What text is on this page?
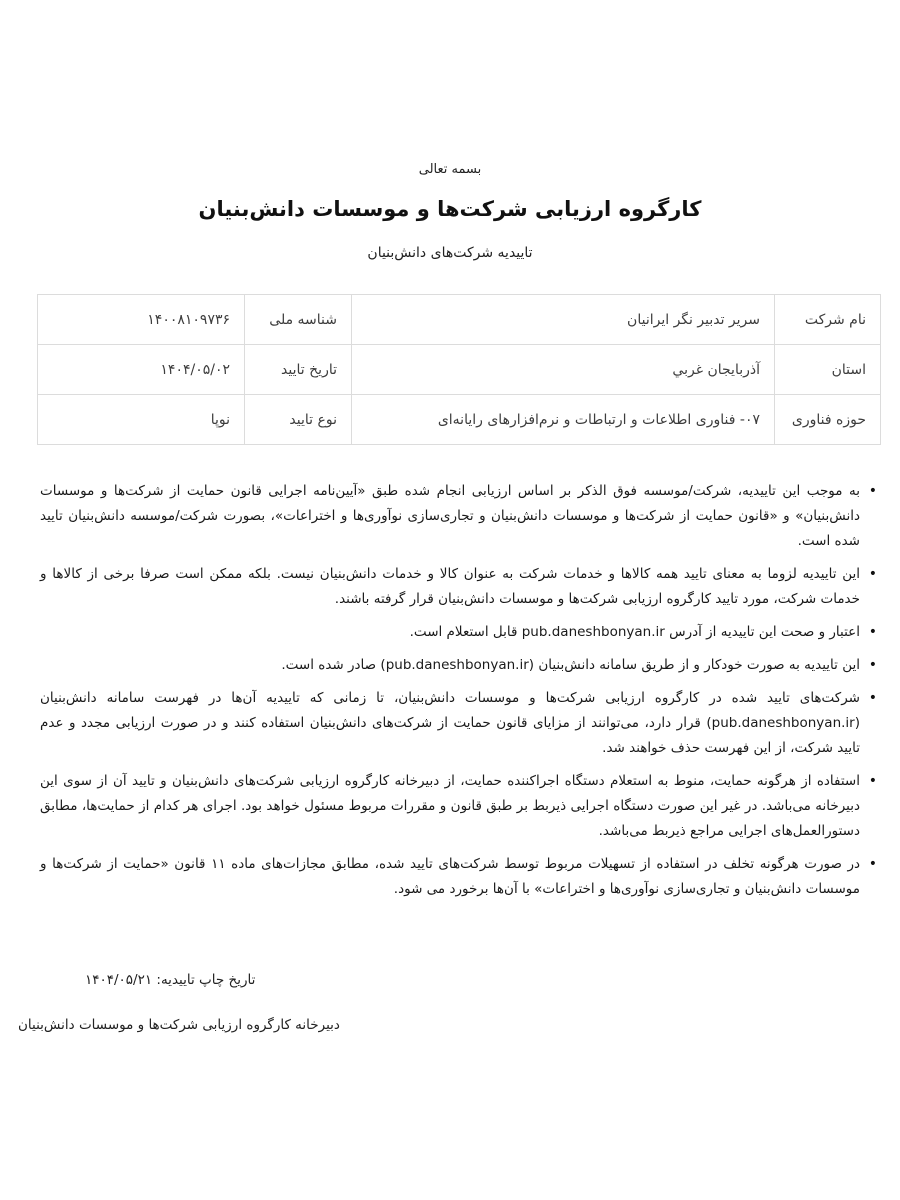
بسمه تعالی
کارگروه ارزیابی شرکت‌ها و موسسات دانش‌بنیان
تاییدیه شرکت‌های دانش‌بنیان
نام شرکت	سریر تدبیر نگر ایرانیان	شناسه ملی	۱۴۰۰۸۱۰۹۷۳۶
استان	آذربايجان غربي	تاریخ تایید	۱۴۰۴/۰۵/۰۲
حوزه فناوری	۰۷- فناوری اطلاعات و ارتباطات و نرم‌افزارهای رایانه‌ای	نوع تایید	نوپا
• به موجب این تاییدیه، شرکت/موسسه فوق الذکر بر اساس ارزیابی انجام شده طبق «آیین‌نامه اجرایی قانون حمایت از شرکت‌ها و موسسات دانش‌بنیان» و «قانون حمایت از شرکت‌ها و موسسات دانش‌بنیان و تجاری‌سازی نوآوری‌ها و اختراعات»، بصورت شرکت/موسسه دانش‌بنیان تایید شده است.
• این تاییدیه لزوما به معنای تایید همه کالاها و خدمات شرکت به عنوان کالا و خدمات دانش‌بنیان نیست. بلکه ممکن است صرفا برخی از کالاها و خدمات شرکت، مورد تایید کارگروه ارزیابی شرکت‌ها و موسسات دانش‌بنیان قرار گرفته باشند.
• اعتبار و صحت این تاییدیه از آدرس pub.daneshbonyan.ir قابل استعلام است.
• این تاییدیه به صورت خودکار و از طریق سامانه دانش‌بنیان (pub.daneshbonyan.ir) صادر شده است.
• شرکت‌های تایید شده در کارگروه ارزیابی شرکت‌ها و موسسات دانش‌بنیان، تا زمانی که تاییدیه آن‌ها در فهرست سامانه دانش‌بنیان (pub.daneshbonyan.ir) قرار دارد، می‌توانند از مزایای قانون حمایت از شرکت‌های دانش‌بنیان استفاده کنند و در صورت ارزیابی مجدد و عدم تایید شرکت، از این فهرست حذف خواهند شد.
• استفاده از هرگونه حمایت، منوط به استعلام دستگاه اجراکننده حمایت، از دبیرخانه کارگروه ارزیابی شرکت‌های دانش‌بنیان و تایید آن از سوی این دبیرخانه می‌باشد. در غیر این صورت دستگاه اجرایی ذیربط بر طبق قانون و مقررات مربوط مسئول خواهد بود. اجرای هر کدام از حمایت‌ها، مطابق دستورالعمل‌های اجرایی مراجع ذیربط می‌باشد.
• در صورت هرگونه تخلف در استفاده از تسهیلات مربوط توسط شرکت‌های تایید شده، مطابق مجازات‌های ماده ۱۱ قانون «حمایت از شرکت‌ها و موسسات دانش‌بنیان و تجاری‌سازی نوآوری‌ها و اختراعات» با آن‌ها برخورد می شود.
تاریخ چاپ تاییدیه: ۱۴۰۴/۰۵/۲۱
دبیرخانه کارگروه ارزیابی شرکت‌ها و موسسات دانش‌بنیان
